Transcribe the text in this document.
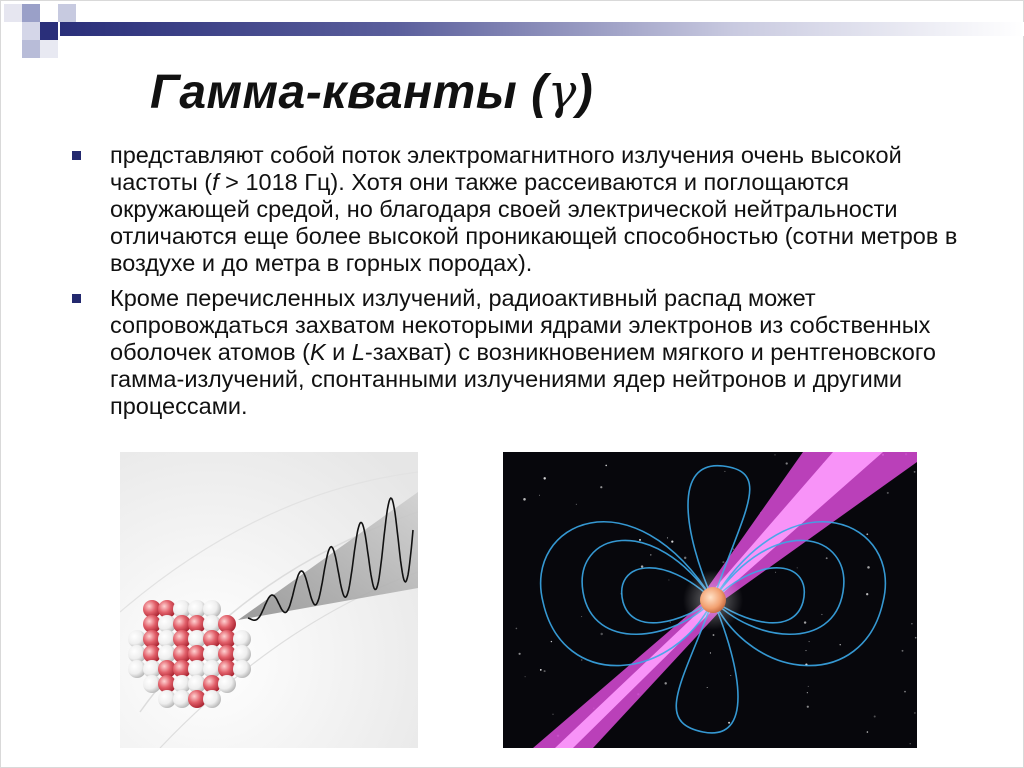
Гамма-кванты (γ)
представляют собой поток электромагнитного излучения очень высокой частоты (f > 1018 Гц). Хотя они также рассеиваются и поглощаются окружающей средой, но благодаря своей электрической нейтральности отличаются еще более высокой проникающей способностью (сотни метров в воздухе и до метра в горных породах).
Кроме перечисленных излучений, радиоактивный распад может сопровождаться захватом некоторыми ядрами электронов из собственных оболочек атомов (K и L-захват) с возникновением мягкого и рентгеновского гамма-излучений, спонтанными излучениями ядер нейтронов и другими процессами.
